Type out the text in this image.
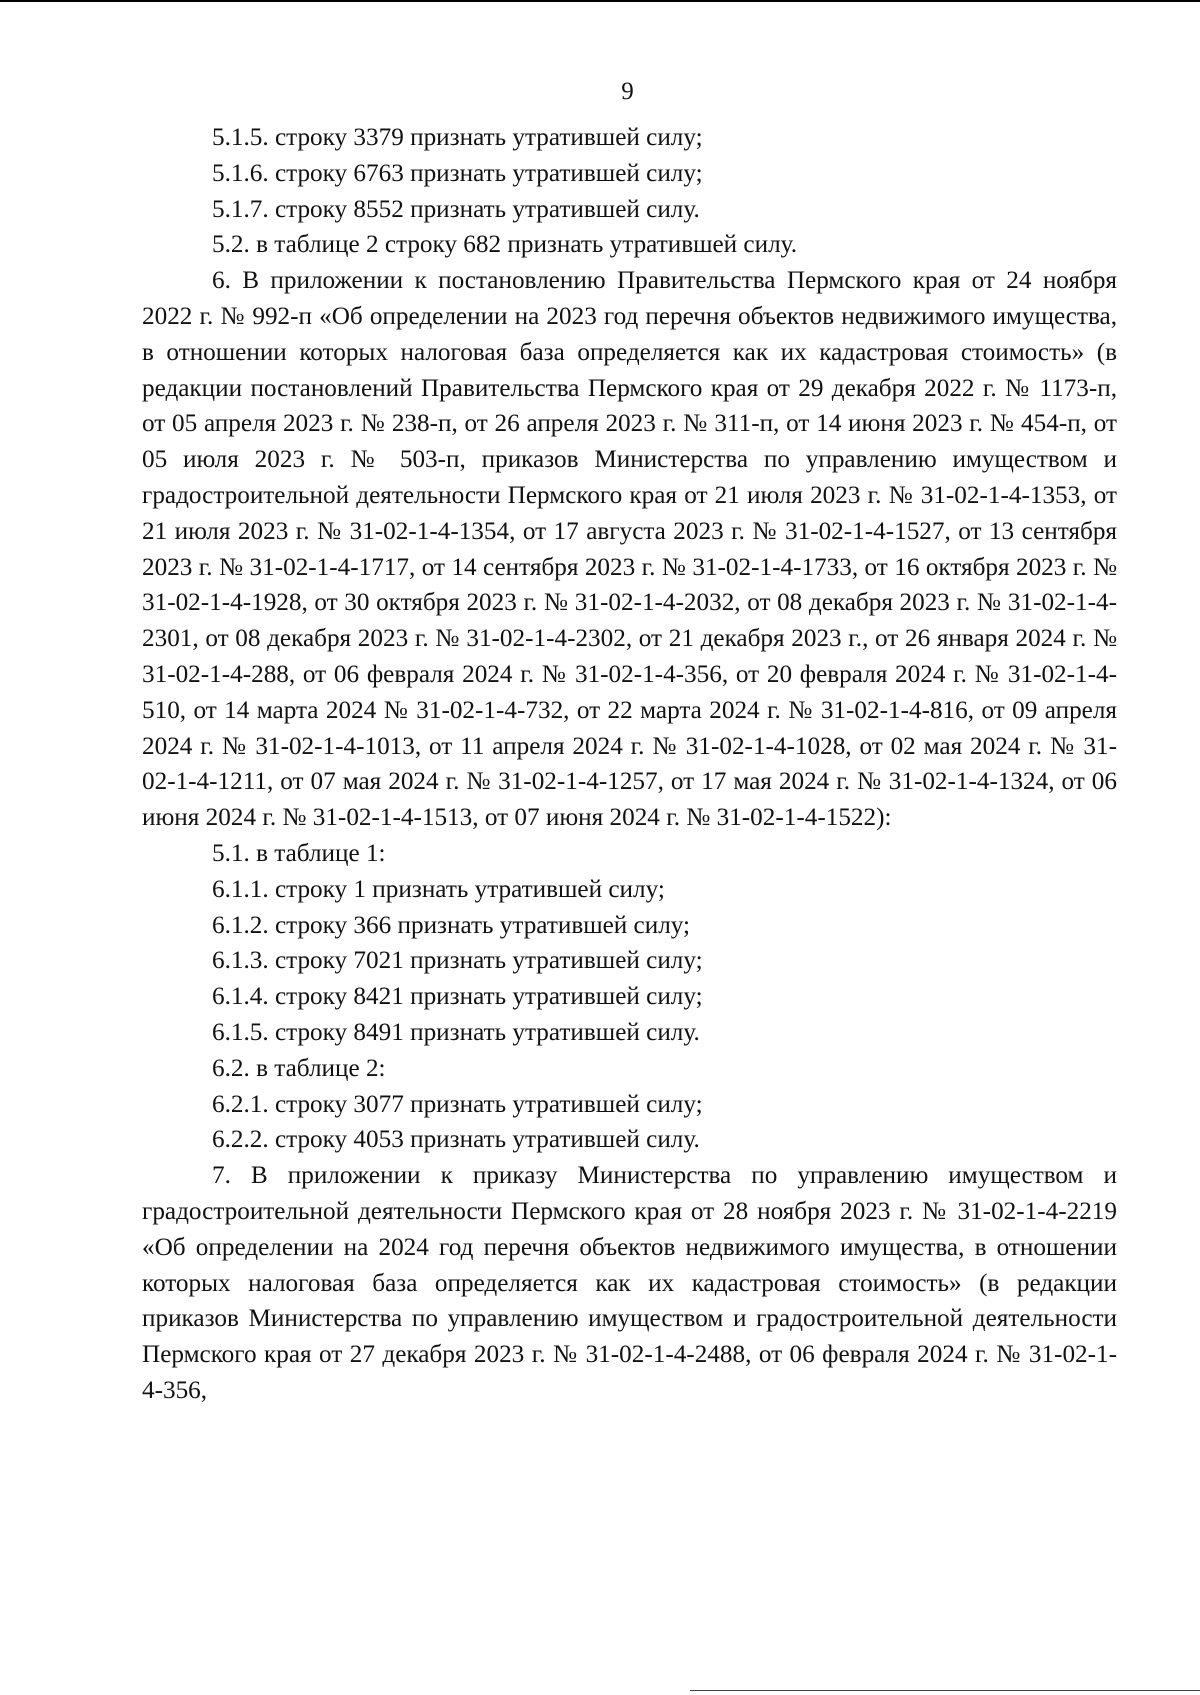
9

5.1.5. строку 3379 признать утратившей силу;

5.1.6. строку 6763 признать утратившей силу;

5.1.7. строку 8552 признать утратившей силу.

5.2. в таблице 2 строку 682 признать утратившей силу.

6. В приложении к постановлению Правительства Пермского края от 24 ноября 2022 г. № 992-п «Об определении на 2023 год перечня объектов недвижимого имущества, в отношении которых налоговая база определяется как их кадастровая стоимость» (в редакции постановлений Правительства Пермского края от 29 декабря 2022 г. № 1173-п, от 05 апреля 2023 г. № 238-п, от 26 апреля 2023 г. № 311-п, от 14 июня 2023 г. № 454-п, от 05 июля 2023 г. № 503-п, приказов Министерства по управлению имуществом и градостроительной деятельности Пермского края от 21 июля 2023 г. № 31-02-1-4-1353, от 21 июля 2023 г. № 31-02-1-4-1354, от 17 августа 2023 г. № 31-02-1-4-1527, от 13 сентября 2023 г. № 31-02-1-4-1717, от 14 сентября 2023 г. № 31-02-1-4-1733, от 16 октября 2023 г. № 31-02-1-4-1928, от 30 октября 2023 г. № 31-02-1-4-2032, от 08 декабря 2023 г. № 31-02-1-4-2301, от 08 декабря 2023 г. № 31-02-1-4-2302, от 21 декабря 2023 г., от 26 января 2024 г. № 31-02-1-4-288, от 06 февраля 2024 г. № 31-02-1-4-356, от 20 февраля 2024 г. № 31-02-1-4-510, от 14 марта 2024 № 31-02-1-4-732, от 22 марта 2024 г. № 31-02-1-4-816, от 09 апреля 2024 г. № 31-02-1-4-1013, от 11 апреля 2024 г. № 31-02-1-4-1028, от 02 мая 2024 г. № 31-02-1-4-1211, от 07 мая 2024 г. № 31-02-1-4-1257, от 17 мая 2024 г. № 31-02-1-4-1324, от 06 июня 2024 г. № 31-02-1-4-1513, от 07 июня 2024 г. № 31-02-1-4-1522):

5.1. в таблице 1:

6.1.1. строку 1 признать утратившей силу;

6.1.2. строку 366 признать утратившей силу;

6.1.3. строку 7021 признать утратившей силу;

6.1.4. строку 8421 признать утратившей силу;

6.1.5. строку 8491 признать утратившей силу.

6.2. в таблице 2:

6.2.1. строку 3077 признать утратившей силу;

6.2.2. строку 4053 признать утратившей силу.

7. В приложении к приказу Министерства по управлению имуществом и градостроительной деятельности Пермского края от 28 ноября 2023 г. № 31-02-1-4-2219 «Об определении на 2024 год перечня объектов недвижимого имущества, в отношении которых налоговая база определяется как их кадастровая стоимость» (в редакции приказов Министерства по управлению имуществом и градостроительной деятельности Пермского края от 27 декабря 2023 г. № 31-02-1-4-2488, от 06 февраля 2024 г. № 31-02-1-4-356,
